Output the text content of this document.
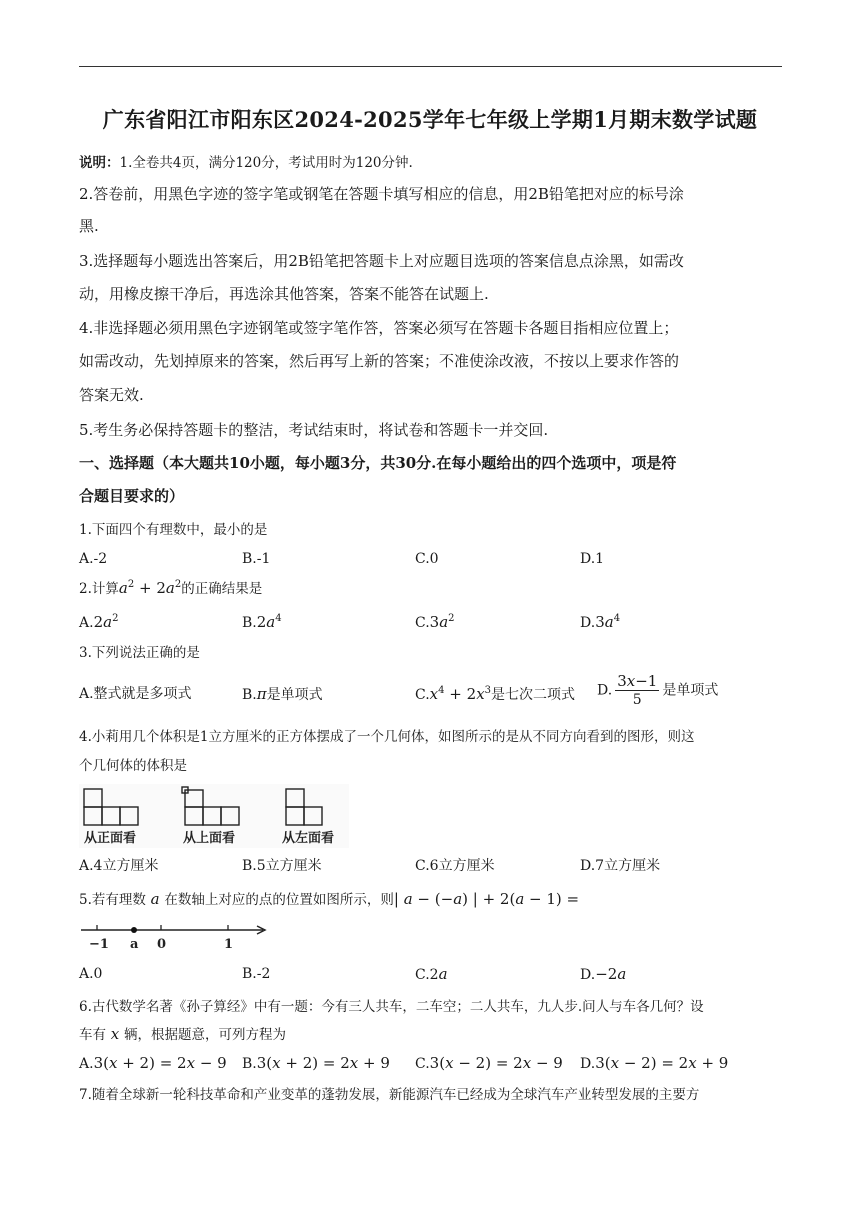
广东省阳江市阳东区2024-2025学年七年级上学期1月期末数学试题
说明：1.全卷共4页，满分120分，考试用时为120分钟.
2.答卷前，用黑色字迹的签字笔或钢笔在答题卡填写相应的信息，用2B铅笔把对应的标号涂
黑.
3.选择题每小题选出答案后，用2B铅笔把答题卡上对应题目选项的答案信息点涂黑，如需改
动，用橡皮擦干净后，再选涂其他答案，答案不能答在试题上.
4.非选择题必须用黑色字迹钢笔或签字笔作答，答案必须写在答题卡各题目指相应位置上；
如需改动，先划掉原来的答案，然后再写上新的答案；不准使涂改液，不按以上要求作答的
答案无效.
5.考生务必保持答题卡的整洁，考试结束时，将试卷和答题卡一并交回.
一、选择题（本大题共10小题，每小题3分，共30分.在每小题给出的四个选项中，项是符
合题目要求的）
1.下面四个有理数中，最小的是
A.-2	B.-1	C.0	D.1
2.计算$a^2 + 2a^2$的正确结果是
$A.2a^2$	$B.2a^4$	$C.3a^2$	$D.3a^4$
3.下列说法正确的是
A.整式就是多项式	B.π是单项式	$C.x^4 + 2x^3$是七次二项式 D. $\frac{3x-1}{5}$ 是单项式
4.小莉用几个体积是1立方厘米的正方体摆成了一个几何体，如图所示的是从不同方向看到的图形，则这
个几何体的体积是
从正面看	从上面看	从左面看
A.4立方厘米	B.5立方厘米	C.6立方厘米	D.7立方厘米
5.若有理数 a 在数轴上对应的点的位置如图所示，则| a − (−a) | + 2(a − 1) =
−1 a 0	1
A.0	B.-2	C.2a	D.−2a
6.古代数学名著《孙子算经》中有一题：今有三人共车，二车空；二人共车，九人步.问人与车各几何？设
车有 x 辆，根据题意，可列方程为
A.3(x + 2) = 2x − 9 B.3(x + 2) = 2x + 9 C.3(x − 2) = 2x − 9 D.3(x − 2) = 2x + 9
7.随着全球新一轮科技革命和产业变革的蓬勃发展，新能源汽车已经成为全球汽车产业转型发展的主要方
